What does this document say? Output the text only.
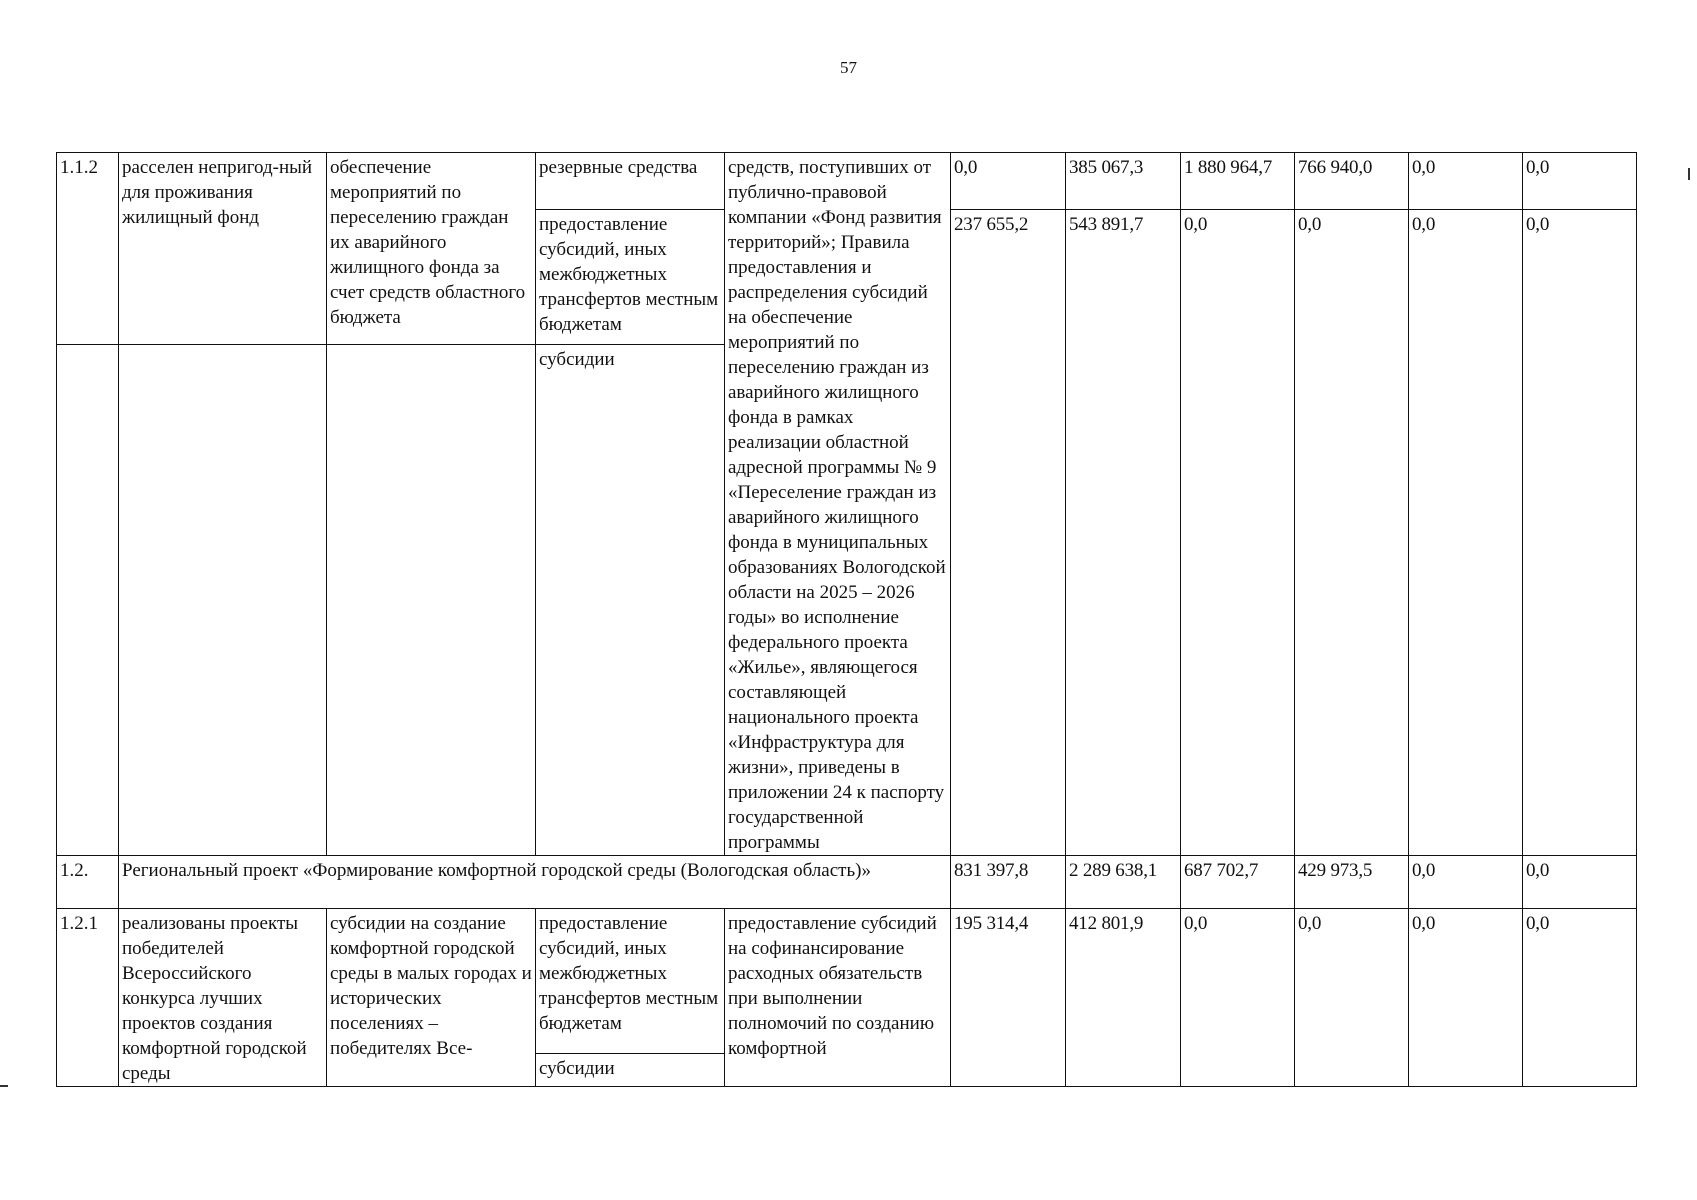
57
1.1.2	расселен непригод-ный для проживания жилищный фонд	обеспечение мероприятий по переселению граждан их аварийного жилищного фонда за счет средств областного бюджета	резервные средства	средств, поступивших от публично-правовой компании «Фонд развития территорий»; Правила предоставления и распределения субсидий на обеспечение мероприятий по переселению граждан из аварийного жилищного фонда в рамках реализации областной адресной программы № 9 «Переселение граждан из аварийного жилищного фонда в муниципальных образованиях Вологодской области на 2025 – 2026 годы» во исполнение федерального проекта «Жилье», являющегося составляющей национального проекта «Инфраструктура для жизни», приведены в приложении 24 к паспорту государственной программы	0,0	385 067,3	1 880 964,7	766 940,0	0,0	0,0
			предоставление субсидий, иных межбюджетных трансфертов местным бюджетам		237 655,2	543 891,7	0,0	0,0	0,0	0,0
			субсидии							

1.2.	Региональный проект «Формирование комфортной городской среды (Вологодская область)»				831 397,8	2 289 638,1	687 702,7	429 973,5	0,0	0,0
1.2.1	реализованы проекты победителей Всероссийского конкурса лучших проектов создания комфортной городской среды	субсидии на создание комфортной городской среды в малых городах и исторических поселениях – победителях Все-	предоставление субсидий, иных межбюджетных трансфертов местным бюджетам	предоставление субсидий на софинансирование расходных обязательств при выполнении полномочий по созданию комфортной	195 314,4	412 801,9	0,0	0,0	0,0	0,0
			субсидии							
